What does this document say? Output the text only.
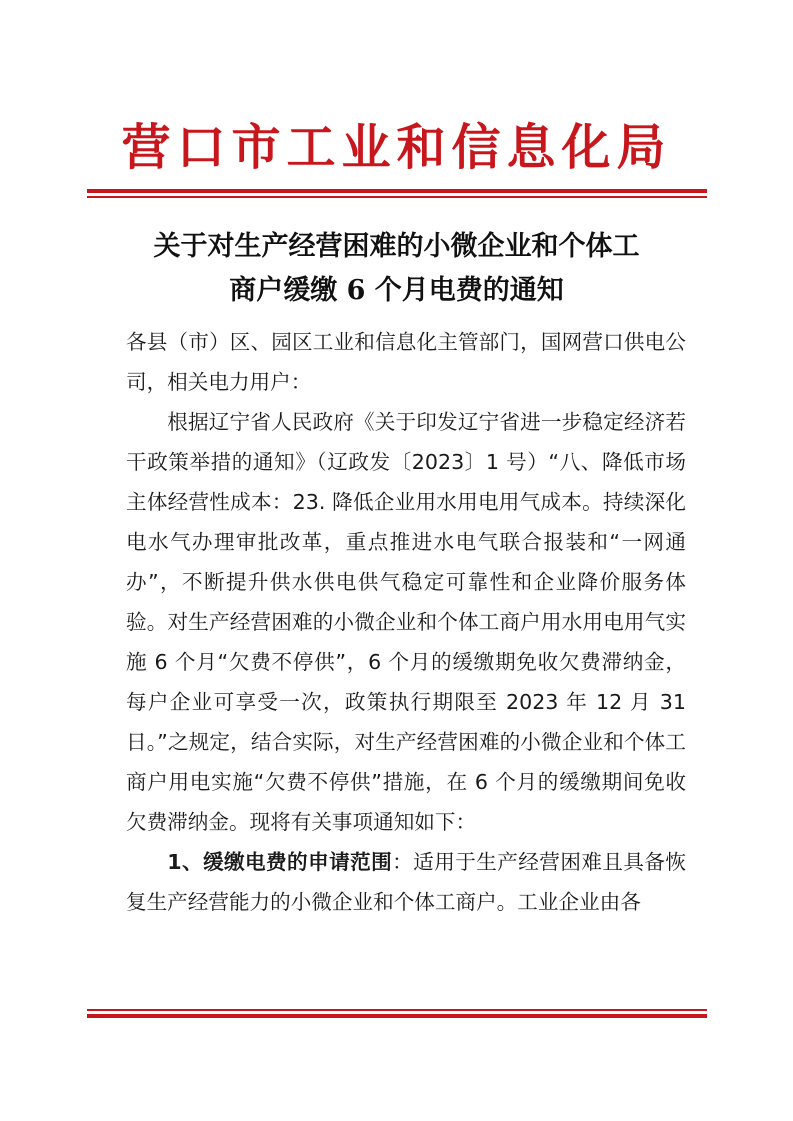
营口市工业和信息化局
关于对生产经营困难的小微企业和个体工
商户缓缴 6 个月电费的通知

各县（市）区、园区工业和信息化主管部门，国网营口供电公司，相关电力用户：

根据辽宁省人民政府《关于印发辽宁省进一步稳定经济若干政策举措的通知》（辽政发〔2023〕1 号）“八、降低市场主体经营性成本：23. 降低企业用水用电用气成本。持续深化电水气办理审批改革，重点推进水电气联合报装和“一网通办”，不断提升供水供电供气稳定可靠性和企业降价服务体验。对生产经营困难的小微企业和个体工商户用水用电用气实施 6 个月“欠费不停供”，6 个月的缓缴期免收欠费滞纳金，每户企业可享受一次，政策执行期限至 2023 年 12 月 31 日。”之规定，结合实际，对生产经营困难的小微企业和个体工商户用电实施“欠费不停供”措施，在 6 个月的缓缴期间免收欠费滞纳金。现将有关事项通知如下：

1、缓缴电费的申请范围：适用于生产经营困难且具备恢复生产经营能力的小微企业和个体工商户。工业企业由各
